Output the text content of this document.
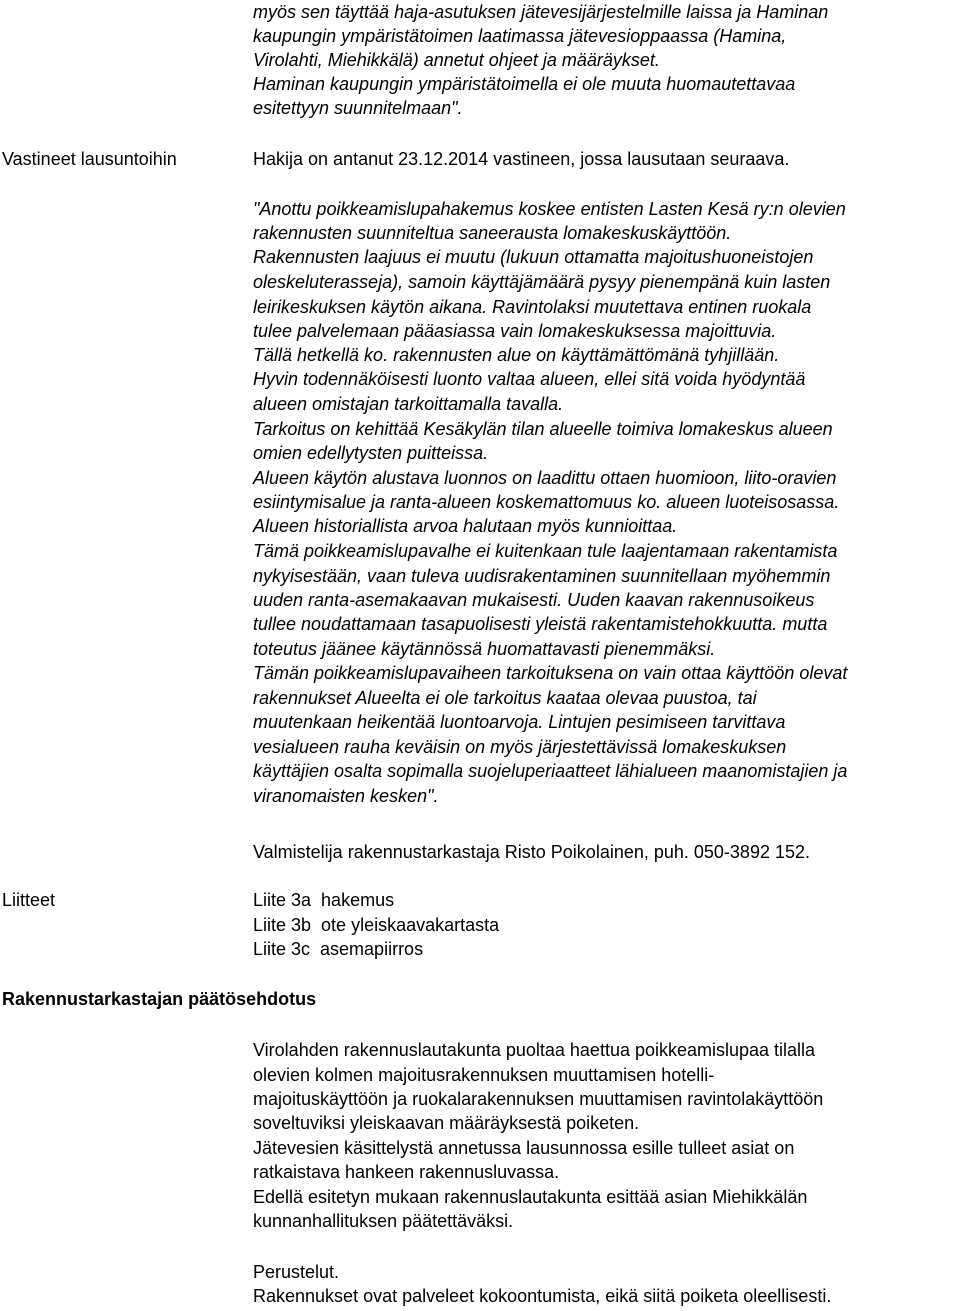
myös sen täyttää haja-asutuksen jätevesijärjestelmille laissa ja Haminan
kaupungin ympäristätoimen laatimassa jätevesioppaassa (Hamina,
Virolahti, Miehikkälä) annetut ohjeet ja määräykset.
Haminan kaupungin ympäristätoimella ei ole muuta huomautettavaa
esitettyyn suunnitelmaan".
Vastineet lausuntoihin	Hakija on antanut 23.12.2014 vastineen, jossa lausutaan seuraava.
"Anottu poikkeamislupahakemus koskee entisten Lasten Kesä ry:n olevien
rakennusten suunniteltua saneerausta lomakeskuskäyttöön.
Rakennusten laajuus ei muutu (lukuun ottamatta majoitushuoneistojen
oleskeluterasseja), samoin käyttäjämäärä pysyy pienempänä kuin lasten
leirikeskuksen käytön aikana. Ravintolaksi muutettava entinen ruokala
tulee palvelemaan pääasiassa vain lomakeskuksessa majoittuvia.
Tällä hetkellä ko. rakennusten alue on käyttämättömänä tyhjillään.
Hyvin todennäköisesti luonto valtaa alueen, ellei sitä voida hyödyntää
alueen omistajan tarkoittamalla tavalla.
Tarkoitus on kehittää Kesäkylän tilan alueelle toimiva lomakeskus alueen
omien edellytysten puitteissa.
Alueen käytön alustava luonnos on laadittu ottaen huomioon, liito-oravien
esiintymisalue ja ranta-alueen koskemattomuus ko. alueen luoteisosassa.
Alueen historiallista arvoa halutaan myös kunnioittaa.
Tämä poikkeamislupavalhe ei kuitenkaan tule laajentamaan rakentamista
nykyisestään, vaan tuleva uudisrakentaminen suunnitellaan myöhemmin
uuden ranta-asemakaavan mukaisesti. Uuden kaavan rakennusoikeus
tullee noudattamaan tasapuolisesti yleistä rakentamistehokkuutta. mutta
toteutus jäänee käytännössä huomattavasti pienemmäksi.
Tämän poikkeamislupavaiheen tarkoituksena on vain ottaa käyttöön olevat
rakennukset Alueelta ei ole tarkoitus kaataa olevaa puustoa, tai
muutenkaan heikentää luontoarvoja. Lintujen pesimiseen tarvittava
vesialueen rauha keväisin on myös järjestettävissä lomakeskuksen
käyttäjien osalta sopimalla suojeluperiaatteet lähialueen maanomistajien ja
viranomaisten kesken".
Valmistelija rakennustarkastaja Risto Poikolainen, puh. 050-3892 152.
Liitteet	Liite 3a  hakemus
Liite 3b  ote yleiskaavakartasta
Liite 3c  asemapiirros
Rakennustarkastajan päätösehdotus
Virolahden rakennuslautakunta puoltaa haettua poikkeamislupaa tilalla
olevien kolmen majoitusrakennuksen muuttamisen hotelli-
majoituskäyttöön ja ruokalarakennuksen muuttamisen ravintolakäyttöön
soveltuviksi yleiskaavan määräyksestä poiketen.
Jätevesien käsittelystä annetussa lausunnossa esille tulleet asiat on
ratkaistava hankeen rakennusluvassa.
Edellä esitetyn mukaan rakennuslautakunta esittää asian Miehikkälän
kunnanhallituksen päätettäväksi.
Perustelut.
Rakennukset ovat palveleet kokoontumista, eikä siitä poiketa oleellisesti.
